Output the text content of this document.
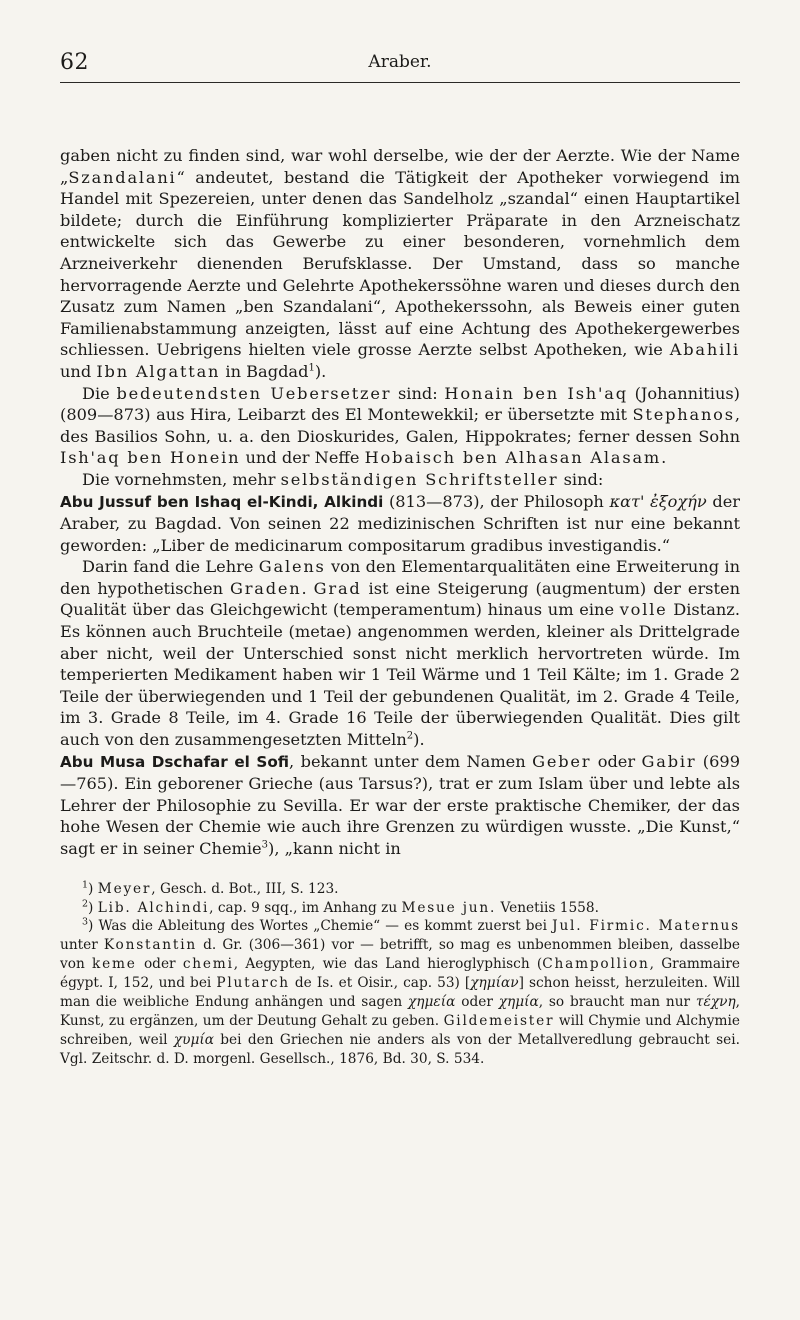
62	Araber.

gaben nicht zu finden sind, war wohl derselbe, wie der der Aerzte. Wie der Name „Szandalani“ andeutet, bestand die Tätigkeit der Apotheker vorwiegend im Handel mit Spezereien, unter denen das Sandelholz „szandal“ einen Hauptartikel bildete; durch die Einführung komplizierter Präparate in den Arzneischatz entwickelte sich das Gewerbe zu einer besonderen, vornehmlich dem Arzneiverkehr dienenden Berufsklasse. Der Umstand, dass so manche hervorragende Aerzte und Gelehrte Apothekerssöhne waren und dieses durch den Zusatz zum Namen „ben Szandalani“, Apothekerssohn, als Beweis einer guten Familienabstammung anzeigten, lässt auf eine Achtung des Apothekergewerbes schliessen. Uebrigens hielten viele grosse Aerzte selbst Apotheken, wie Abahili und Ibn Algattan in Bagdad$^1$).

Die bedeutendsten Uebersetzer sind: Honain ben Ish'aq (Johannitius) (809—873) aus Hira, Leibarzt des El Montewekkil; er übersetzte mit Stephanos, des Basilios Sohn, u. a. den Dioskurides, Galen, Hippokrates; ferner dessen Sohn Ish'aq ben Honein und der Neffe Hobaisch ben Alhasan Alasam.

Die vornehmsten, mehr selbständigen Schriftsteller sind:
Abu Jussuf ben Ishaq el-Kindi, Alkindi (813—873), der Philosoph κατ' ἐξοχήν der Araber, zu Bagdad. Von seinen 22 medizinischen Schriften ist nur eine bekannt geworden: „Liber de medicinarum compositarum gradibus investigandis.“

Darin fand die Lehre Galens von den Elementarqualitäten eine Erweiterung in den hypothetischen Graden. Grad ist eine Steigerung (augmentum) der ersten Qualität über das Gleichgewicht (temperamentum) hinaus um eine volle Distanz. Es können auch Bruchteile (metae) angenommen werden, kleiner als Drittelgrade aber nicht, weil der Unterschied sonst nicht merklich hervortreten würde. Im temperierten Medikament haben wir 1 Teil Wärme und 1 Teil Kälte; im 1. Grade 2 Teile der überwiegenden und 1 Teil der gebundenen Qualität, im 2. Grade 4 Teile, im 3. Grade 8 Teile, im 4. Grade 16 Teile der überwiegenden Qualität. Dies gilt auch von den zusammengesetzten Mitteln$^2$).

Abu Musa Dschafar el Sofi, bekannt unter dem Namen Geber oder Gabir (699—765). Ein geborener Grieche (aus Tarsus?), trat er zum Islam über und lebte als Lehrer der Philosophie zu Sevilla. Er war der erste praktische Chemiker, der das hohe Wesen der Chemie wie auch ihre Grenzen zu würdigen wusste. „Die Kunst,“ sagt er in seiner Chemie$^3$), „kann nicht in

$^1$) Meyer, Gesch. d. Bot., III, S. 123.

$^2$) Lib. Alchindi, cap. 9 sqq., im Anhang zu Mesue jun. Venetiis 1558.

$^3$) Was die Ableitung des Wortes „Chemie“ — es kommt zuerst bei Jul. Firmic. Maternus unter Konstantin d. Gr. (306—361) vor — betrifft, so mag es unbenommen bleiben, dasselbe von keme oder chemi, Aegypten, wie das Land hieroglyphisch (Champollion, Grammaire égypt. I, 152, und bei Plutarch de Is. et Oisir., cap. 53) [χημίαν] schon heisst, herzuleiten. Will man die weibliche Endung anhängen und sagen χημεία oder χημία, so braucht man nur τέχνη, Kunst, zu ergänzen, um der Deutung Gehalt zu geben. Gildemeister will Chymie und Alchymie schreiben, weil χυμία bei den Griechen nie anders als von der Metallveredlung gebraucht sei. Vgl. Zeitschr. d. D. morgenl. Gesellsch., 1876, Bd. 30, S. 534.
